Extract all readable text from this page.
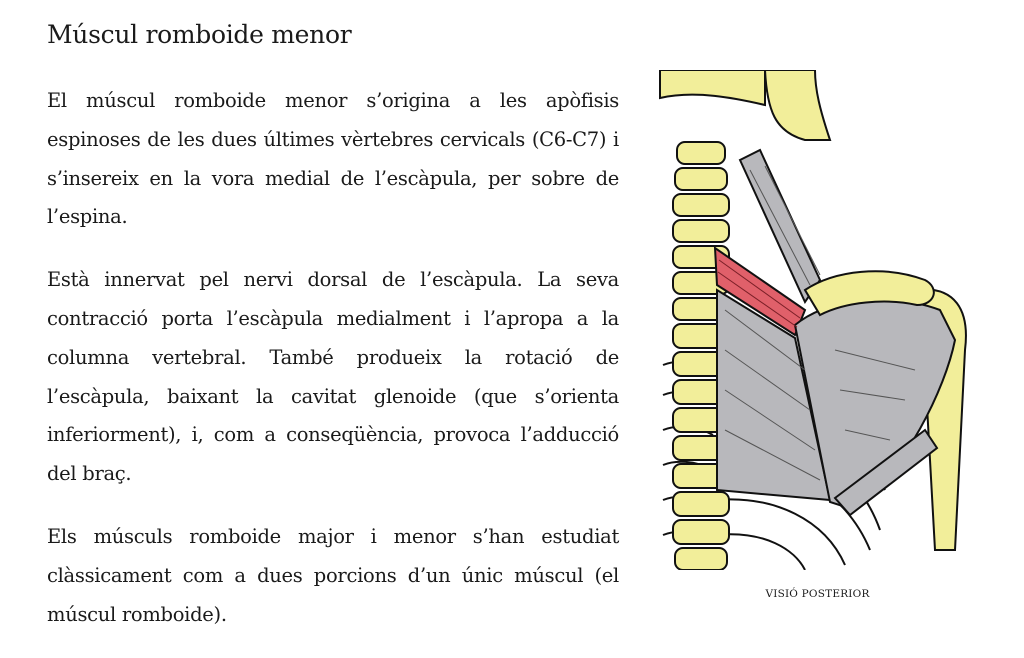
Múscul romboide menor

El múscul romboide menor s’origina a les apòfisis espinoses de les dues últimes vèrtebres cervicals (C6-C7) i s’insereix en la vora medial de l’escàpula, per sobre de l’espina.

Està innervat pel nervi dorsal de l’escàpula. La seva contracció porta l’escàpula medialment i l’apropa a la columna vertebral. També produeix la rotació de l’escàpula, baixant la cavitat glenoide (que s’orienta inferiorment), i, com a conseqüència, provoca l’adducció del braç.

Els músculs romboide major i menor s’han estudiat clàssicament com a dues porcions d’un únic múscul (el múscul romboide).

VISIÓ POSTERIOR
